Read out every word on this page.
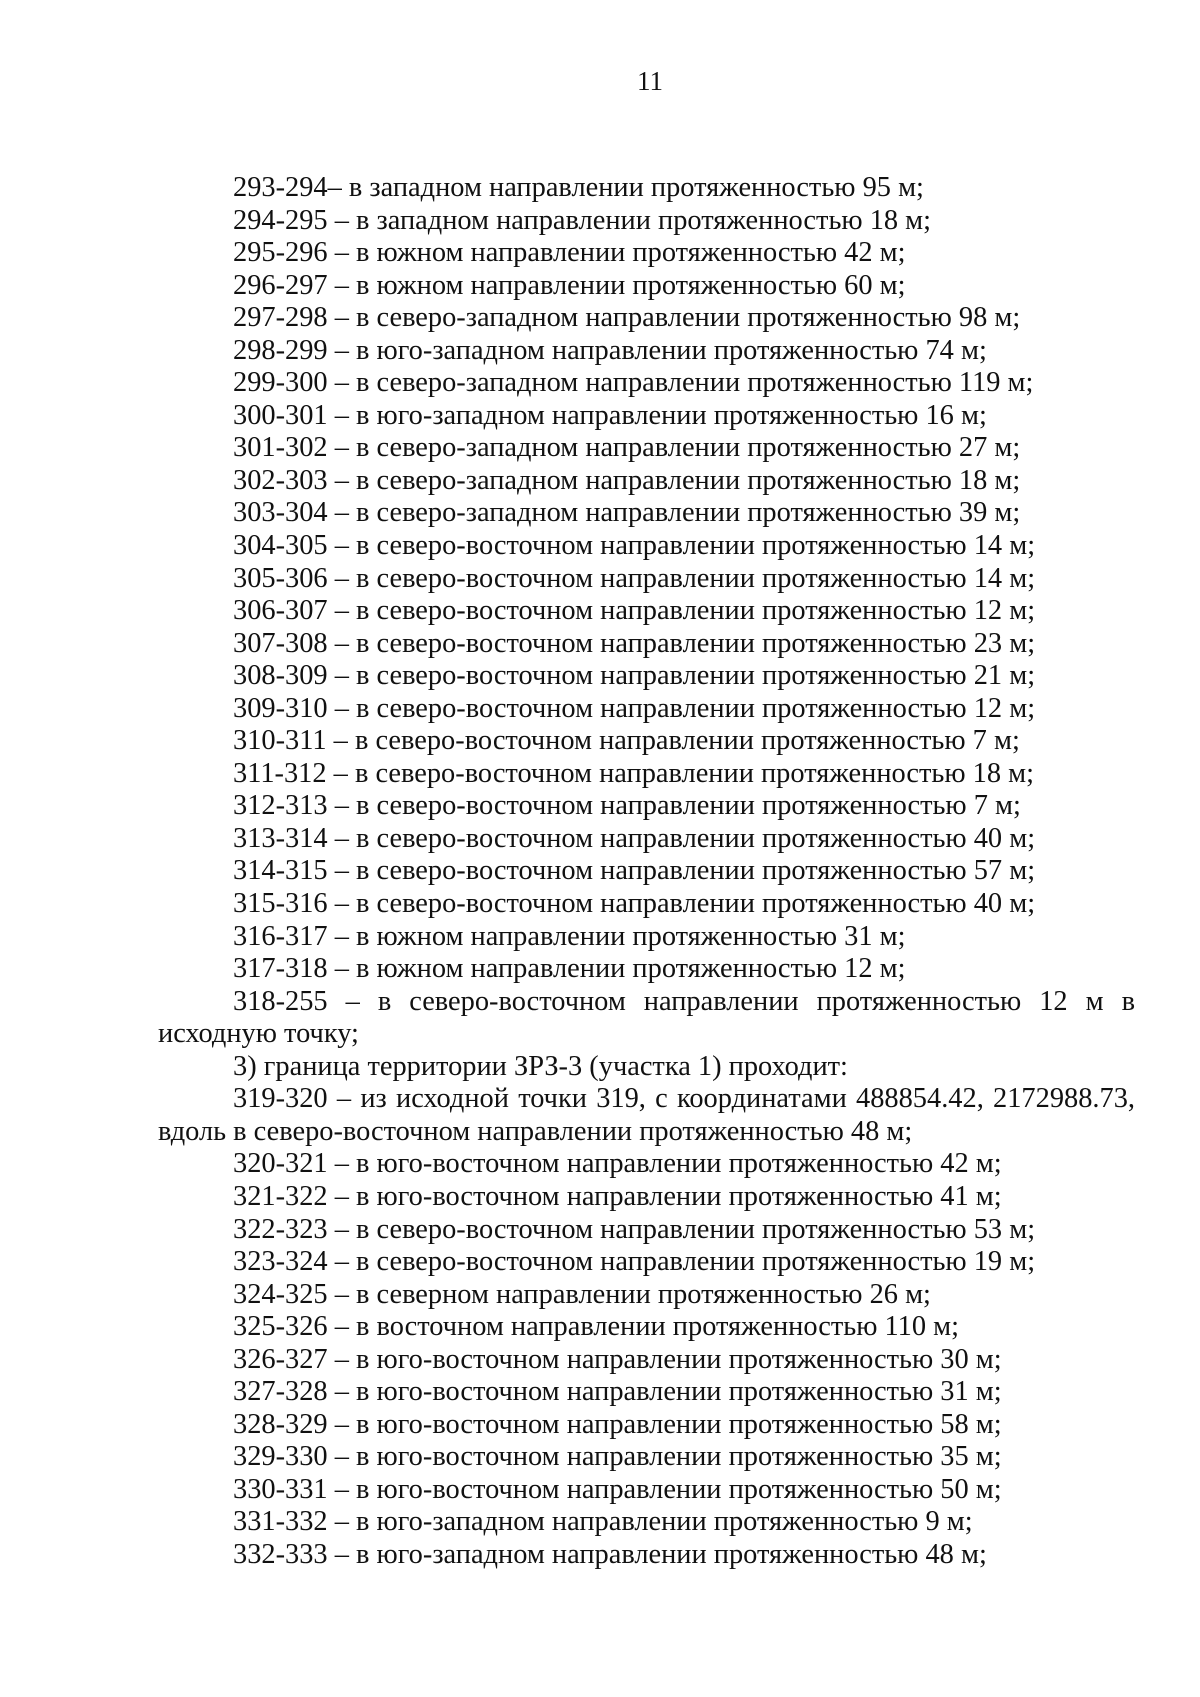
11
293-294– в западном направлении протяженностью 95 м;
294-295 – в западном направлении протяженностью 18 м;
295-296 – в южном направлении протяженностью 42 м;
296-297 – в южном направлении протяженностью 60 м;
297-298 – в северо-западном направлении протяженностью 98 м;
298-299 – в юго-западном направлении протяженностью 74 м;
299-300 – в северо-западном направлении протяженностью 119 м;
300-301 – в юго-западном направлении протяженностью 16 м;
301-302 – в северо-западном направлении протяженностью 27 м;
302-303 – в северо-западном направлении протяженностью 18 м;
303-304 – в северо-западном направлении протяженностью 39 м;
304-305 – в северо-восточном направлении протяженностью 14 м;
305-306 – в северо-восточном направлении протяженностью 14 м;
306-307 – в северо-восточном направлении протяженностью 12 м;
307-308 – в северо-восточном направлении протяженностью 23 м;
308-309 – в северо-восточном направлении протяженностью 21 м;
309-310 – в северо-восточном направлении протяженностью 12 м;
310-311 – в северо-восточном направлении протяженностью 7 м;
311-312 – в северо-восточном направлении протяженностью 18 м;
312-313 – в северо-восточном направлении протяженностью 7 м;
313-314 – в северо-восточном направлении протяженностью 40 м;
314-315 – в северо-восточном направлении протяженностью 57 м;
315-316 – в северо-восточном направлении протяженностью 40 м;
316-317 – в южном направлении протяженностью 31 м;
317-318 – в южном направлении протяженностью 12 м;
318-255 – в северо-восточном направлении протяженностью 12 м в исходную точку;
3) граница территории ЗРЗ-3 (участка 1) проходит:
319-320 – из исходной точки 319, с координатами 488854.42, 2172988.73, вдоль в северо-восточном направлении протяженностью 48 м;
320-321 – в юго-восточном направлении протяженностью 42 м;
321-322 – в юго-восточном направлении протяженностью 41 м;
322-323 – в северо-восточном направлении протяженностью 53 м;
323-324 – в северо-восточном направлении протяженностью 19 м;
324-325 – в северном направлении протяженностью 26 м;
325-326 – в восточном направлении протяженностью 110 м;
326-327 – в юго-восточном направлении протяженностью 30 м;
327-328 – в юго-восточном направлении протяженностью 31 м;
328-329 – в юго-восточном направлении протяженностью 58 м;
329-330 – в юго-восточном направлении протяженностью 35 м;
330-331 – в юго-восточном направлении протяженностью 50 м;
331-332 – в юго-западном направлении протяженностью 9 м;
332-333 – в юго-западном направлении протяженностью 48 м;
